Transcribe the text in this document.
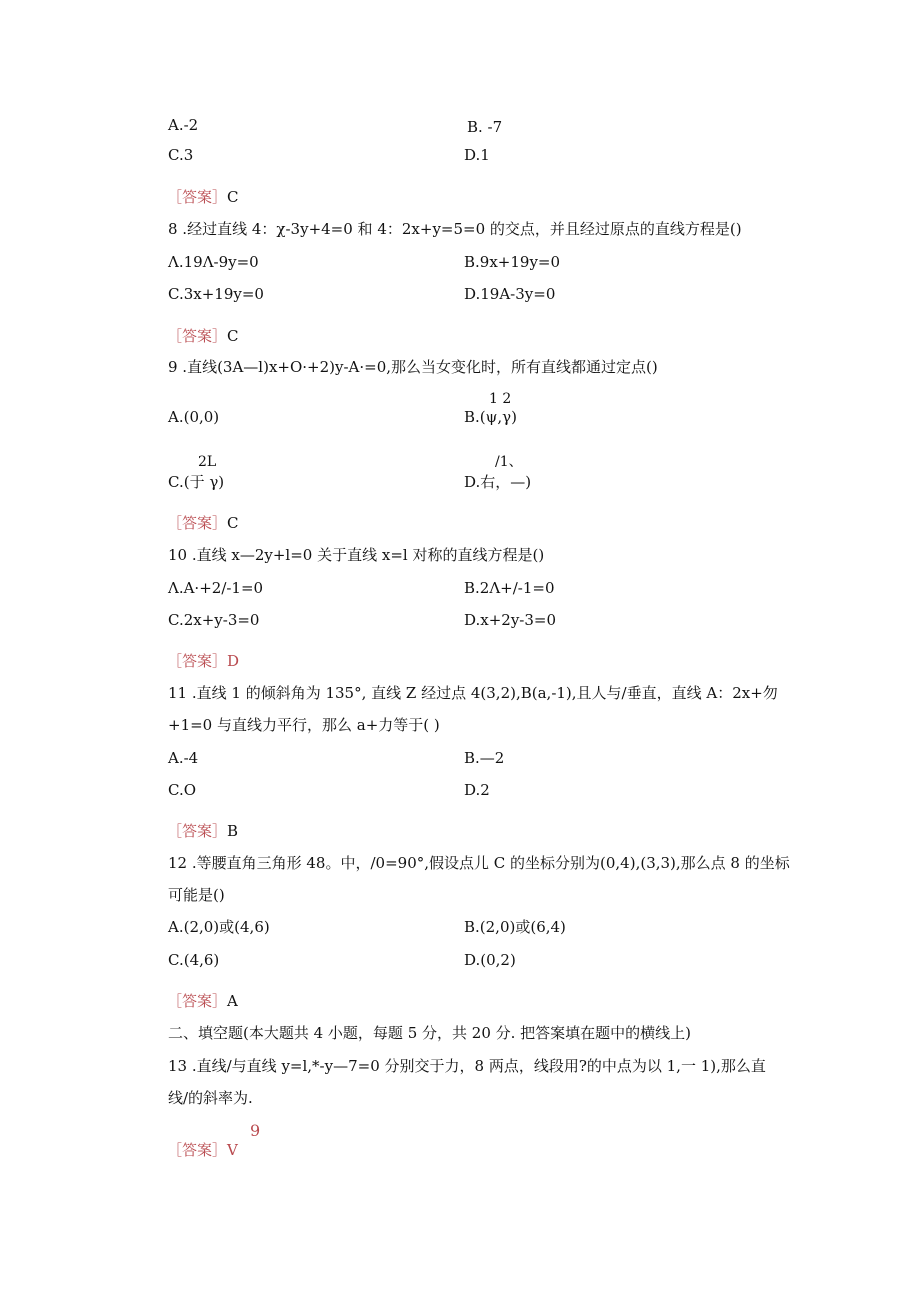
A.-2	B. -7
C.3	D.1
［答案］C
8 .经过直线 4：χ-3y+4=0 和 4：2x+y=5=0 的交点，并且经过原点的直线方程是()
Λ.19Λ-9y=0	B.9x+19y=0
C.3x+19y=0	D.19A-3y=0
［答案］C
9 .直线(3A—l)x+O·+2)y-A·=0,那么当女变化时，所有直线都通过定点()
1 2
A.(0,0)	B.(ψ,γ)
2L	/1、
C.(于 γ)	D.右，—)
［答案］C
10 .直线 x—2y+l=0 关于直线 x=l 对称的直线方程是()
Λ.A·+2∕-1=0	B.2Λ+∕-1=0
C.2x+y-3=0	D.x+2y-3=0
［答案］D
11 .直线 1 的倾斜角为 135°, 直线 Z 经过点 4(3,2),B(a,-1),且人与/垂直，直线 A：2x+勿
+1=0 与直线力平行，那么 a+力等于( )
A.-4	B.—2
C.O	D.2
［答案］B
12 .等腰直角三角形 48。中，/0=90°,假设点儿 C 的坐标分别为(0,4),(3,3),那么点 8 的坐标
可能是()
A.(2,0)或(4,6)	B.(2,0)或(6,4)
C.(4,6)	D.(0,2)
［答案］A
二、填空题(本大题共 4 小题，每题 5 分，共 20 分. 把答案填在题中的横线上)
13 .直线/与直线 y=l,*-y—7=0 分别交于力，8 两点，线段用?的中点为以 1,一 1),那么直
线/的斜率为.
9
［答案］V
